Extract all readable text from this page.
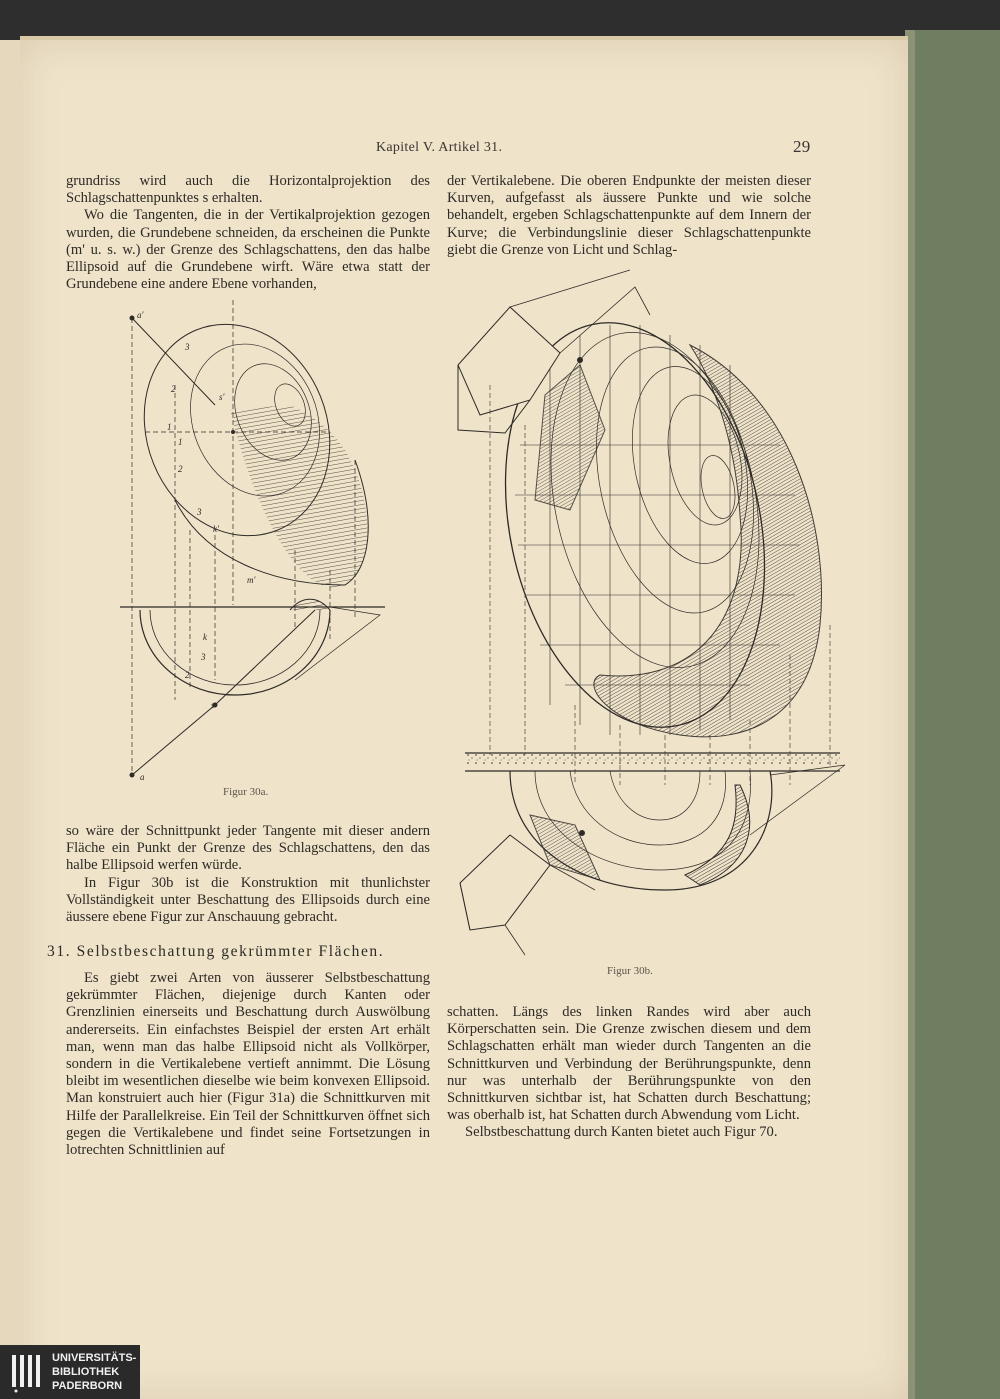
Kapitel V. Artikel 31.	29

grundriss wird auch die Horizontalprojektion des Schlagschattenpunktes s erhalten.

Wo die Tangenten, die in der Vertikalprojektion gezogen wurden, die Grundebene schneiden, da erscheinen die Punkte (m' u. s. w.) der Grenze des Schlagschattens, den das halbe Ellipsoid auf die Grundebene wirft. Wäre etwa statt der Grundebene eine andere Ebene vorhanden,

a'
3
2
1
s'
1
2
3
k'
m'
k
3
2
s
a
Figur 30a.

so wäre der Schnittpunkt jeder Tangente mit dieser andern Fläche ein Punkt der Grenze des Schlagschattens, den das halbe Ellipsoid werfen würde.

In Figur 30b ist die Konstruktion mit thunlichster Vollständigkeit unter Beschattung des Ellipsoids durch eine äussere ebene Figur zur Anschauung gebracht.

31. Selbstbeschattung gekrümmter Flächen.

Es giebt zwei Arten von äusserer Selbstbeschattung gekrümmter Flächen, diejenige durch Kanten oder Grenzlinien einerseits und Beschattung durch Auswölbung andererseits. Ein einfachstes Beispiel der ersten Art erhält man, wenn man das halbe Ellipsoid nicht als Vollkörper, sondern in die Vertikalebene vertieft annimmt. Die Lösung bleibt im wesentlichen dieselbe wie beim konvexen Ellipsoid. Man konstruiert auch hier (Figur 31a) die Schnittkurven mit Hilfe der Parallelkreise. Ein Teil der Schnittkurven öffnet sich gegen die Vertikalebene und findet seine Fortsetzungen in lotrechten Schnittlinien auf

der Vertikalebene. Die oberen Endpunkte der meisten dieser Kurven, aufgefasst als äussere Punkte und wie solche behandelt, ergeben Schlagschattenpunkte auf dem Innern der Kurve; die Verbindungslinie dieser Schlagschattenpunkte giebt die Grenze von Licht und Schlag-

Figur 30b.

schatten. Längs des linken Randes wird aber auch Körperschatten sein. Die Grenze zwischen diesem und dem Schlagschatten erhält man wieder durch Tangenten an die Schnittkurven und Verbindung der Berührungspunkte, denn nur was unterhalb der Berührungspunkte von den Schnittkurven sichtbar ist, hat Schatten durch Beschattung; was oberhalb ist, hat Schatten durch Abwendung vom Licht.

Selbstbeschattung durch Kanten bietet auch Figur 70.

UNIVERSITÄTS-
BIBLIOTHEK
PADERBORN
